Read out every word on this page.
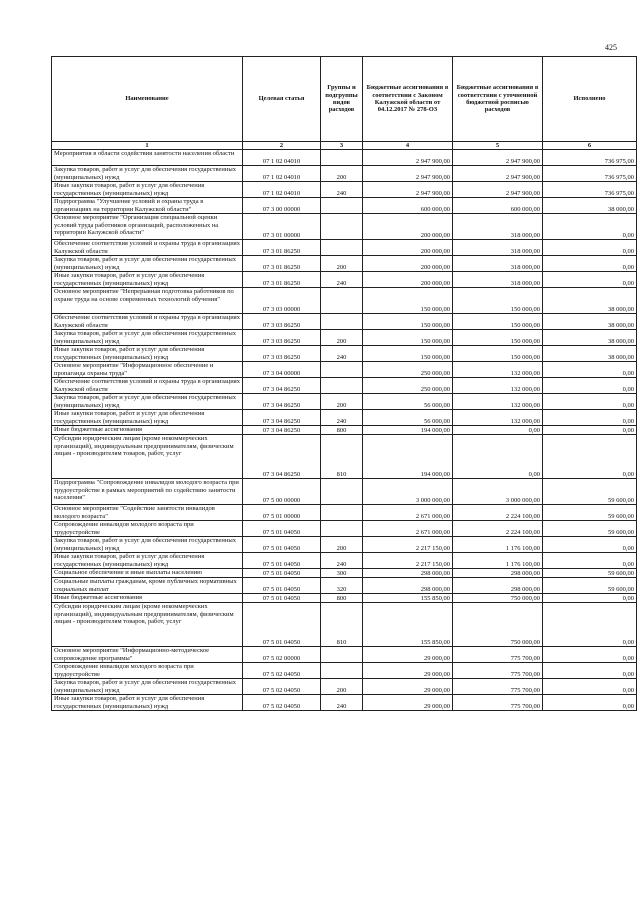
425
Наименование	Целевая статья	Группы и подгруппы видов расходов	Бюджетные ассигнования в соответствии с Законом Калужской области от 04.12.2017 № 278-ОЗ	Бюджетные ассигнования в соответствии с уточненной бюджетной росписью расходов	Исполнено
1	2	3	4	5	6
Мероприятия в области содействия занятости населения области	07 1 02 04010		2 947 900,00	2 947 900,00	736 975,00
Закупка товаров, работ и услуг для обеспечения государственных (муниципальных) нужд	07 1 02 04010	200	2 947 900,00	2 947 900,00	736 975,00
Иные закупки товаров, работ и услуг для обеспечения государственных (муниципальных) нужд	07 1 02 04010	240	2 947 900,00	2 947 900,00	736 975,00
Подпрограмма "Улучшение условий и охраны труда в организациях на территории Калужской области"	07 3 00 00000		600 000,00	600 000,00	38 000,00
Основное мероприятие "Организация специальной оценки условий труда работников организаций, расположенных на территории Калужской области"	07 3 01 00000		200 000,00	318 000,00	0,00
Обеспечение соответствия условий и охраны труда в организациях Калужской области	07 3 01 86250		200 000,00	318 000,00	0,00
Закупка товаров, работ и услуг для обеспечения государственных (муниципальных) нужд	07 3 01 86250	200	200 000,00	318 000,00	0,00
Иные закупки товаров, работ и услуг для обеспечения государственных (муниципальных) нужд	07 3 01 86250	240	200 000,00	318 000,00	0,00
Основное мероприятие "Непрерывная подготовка работников по охране труда на основе современных технологий обучения"	07 3 03 00000		150 000,00	150 000,00	38 000,00
Обеспечение соответствия условий и охраны труда в организациях Калужской области	07 3 03 86250		150 000,00	150 000,00	38 000,00
Закупка товаров, работ и услуг для обеспечения государственных (муниципальных) нужд	07 3 03 86250	200	150 000,00	150 000,00	38 000,00
Иные закупки товаров, работ и услуг для обеспечения государственных (муниципальных) нужд	07 3 03 86250	240	150 000,00	150 000,00	38 000,00
Основное мероприятие "Информационное обеспечение и пропаганда охраны труда"	07 3 04 00000		250 000,00	132 000,00	0,00
Обеспечение соответствия условий и охраны труда в организациях Калужской области	07 3 04 86250		250 000,00	132 000,00	0,00
Закупка товаров, работ и услуг для обеспечения государственных (муниципальных) нужд	07 3 04 86250	200	56 000,00	132 000,00	0,00
Иные закупки товаров, работ и услуг для обеспечения государственных (муниципальных) нужд	07 3 04 86250	240	56 000,00	132 000,00	0,00
Иные бюджетные ассигнования	07 3 04 86250	800	194 000,00	0,00	0,00
Субсидии юридическим лицам (кроме некоммерческих организаций), индивидуальным предпринимателям, физическим лицам - производителям товаров, работ, услуг	07 3 04 86250	810	194 000,00	0,00	0,00
Подпрограмма "Сопровождение инвалидов молодого возраста при трудоустройстве в рамках мероприятий по содействию занятости населения"	07 5 00 00000		3 000 000,00	3 000 000,00	59 600,00
Основное мероприятие "Содействие занятости инвалидов молодого возраста"	07 5 01 00000		2 671 000,00	2 224 100,00	59 600,00
Сопровождение инвалидов молодого возраста при трудоустройстве	07 5 01 04050		2 671 000,00	2 224 100,00	59 600,00
Закупка товаров, работ и услуг для обеспечения государственных (муниципальных) нужд	07 5 01 04050	200	2 217 150,00	1 176 100,00	0,00
Иные закупки товаров, работ и услуг для обеспечения государственных (муниципальных) нужд	07 5 01 04050	240	2 217 150,00	1 176 100,00	0,00
Социальное обеспечение и иные выплаты населению	07 5 01 04050	300	298 000,00	298 000,00	59 600,00
Социальные выплаты гражданам, кроме публичных нормативных социальных выплат	07 5 01 04050	320	298 000,00	298 000,00	59 600,00
Иные бюджетные ассигнования	07 5 01 04050	800	155 850,00	750 000,00	0,00
Субсидии юридическим лицам (кроме некоммерческих организаций), индивидуальным предпринимателям, физическим лицам - производителям товаров, работ, услуг	07 5 01 04050	810	155 850,00	750 000,00	0,00
Основное мероприятие "Информационно-методическое сопровождение программы"	07 5 02 00000		29 000,00	775 700,00	0,00
Сопровождение инвалидов молодого возраста при трудоустройстве	07 5 02 04050		29 000,00	775 700,00	0,00
Закупка товаров, работ и услуг для обеспечения государственных (муниципальных) нужд	07 5 02 04050	200	29 000,00	775 700,00	0,00
Иные закупки товаров, работ и услуг для обеспечения государственных (муниципальных) нужд	07 5 02 04050	240	29 000,00	775 700,00	0,00
